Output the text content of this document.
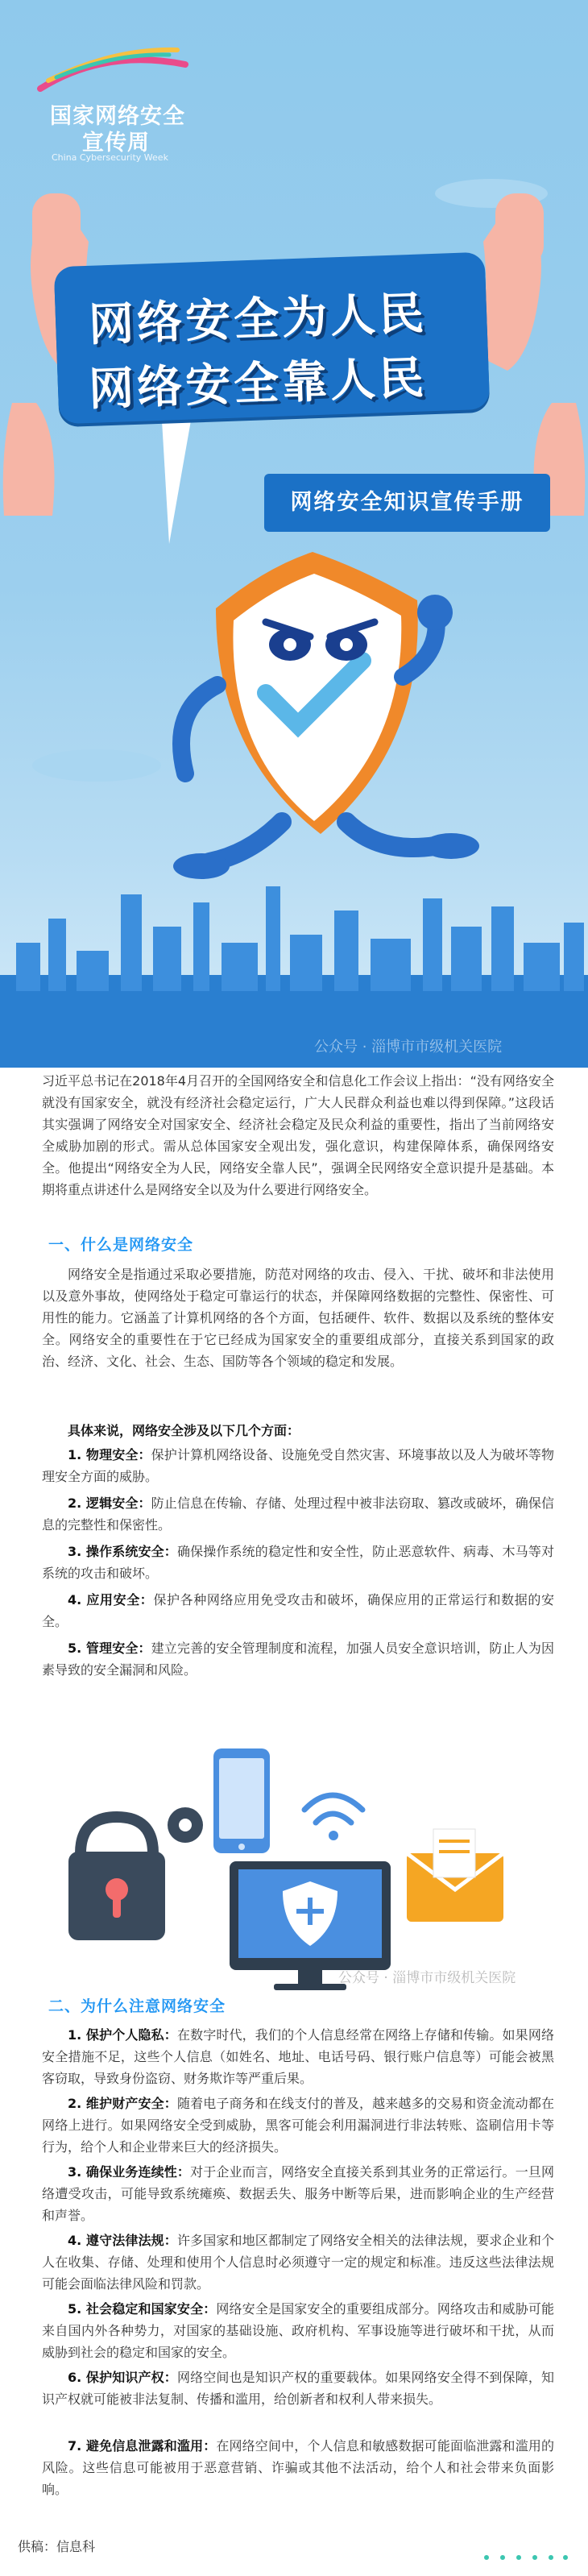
国家网络安全
宣传周
China Cybersecurity Week
网络安全为人民
网络安全靠人民
网络安全知识宣传手册
公众号 · 淄博市市级机关医院

习近平总书记在2018年4月召开的全国网络安全和信息化工作会议上指出：“没有网络安全就没有国家安全，就没有经济社会稳定运行，广大人民群众利益也难以得到保障。”这段话其实强调了网络安全对国家安全、经济社会稳定及民众利益的重要性，指出了当前网络安全威胁加剧的形式。需从总体国家安全观出发，强化意识，构建保障体系，确保网络安全。他提出“网络安全为人民，网络安全靠人民”，强调全民网络安全意识提升是基础。本期将重点讲述什么是网络安全以及为什么要进行网络安全。

一、什么是网络安全

网络安全是指通过采取必要措施，防范对网络的攻击、侵入、干扰、破坏和非法使用以及意外事故，使网络处于稳定可靠运行的状态，并保障网络数据的完整性、保密性、可用性的能力。它涵盖了计算机网络的各个方面，包括硬件、软件、数据以及系统的整体安全。网络安全的重要性在于它已经成为国家安全的重要组成部分，直接关系到国家的政治、经济、文化、社会、生态、国防等各个领域的稳定和发展。

具体来说，网络安全涉及以下几个方面：

1. 物理安全：保护计算机网络设备、设施免受自然灾害、环境事故以及人为破坏等物理安全方面的威胁。

2. 逻辑安全：防止信息在传输、存储、处理过程中被非法窃取、篡改或破坏，确保信息的完整性和保密性。

3. 操作系统安全：确保操作系统的稳定性和安全性，防止恶意软件、病毒、木马等对系统的攻击和破坏。

4. 应用安全：保护各种网络应用免受攻击和破坏，确保应用的正常运行和数据的安全。

5. 管理安全：建立完善的安全管理制度和流程，加强人员安全意识培训，防止人为因素导致的安全漏洞和风险。

公众号 · 淄博市市级机关医院
二、为什么注意网络安全

1. 保护个人隐私：在数字时代，我们的个人信息经常在网络上存储和传输。如果网络安全措施不足，这些个人信息（如姓名、地址、电话号码、银行账户信息等）可能会被黑客窃取，导致身份盗窃、财务欺诈等严重后果。

2. 维护财产安全：随着电子商务和在线支付的普及，越来越多的交易和资金流动都在网络上进行。如果网络安全受到威胁，黑客可能会利用漏洞进行非法转账、盗刷信用卡等行为，给个人和企业带来巨大的经济损失。

3. 确保业务连续性：对于企业而言，网络安全直接关系到其业务的正常运行。一旦网络遭受攻击，可能导致系统瘫痪、数据丢失、服务中断等后果，进而影响企业的生产经营和声誉。

4. 遵守法律法规：许多国家和地区都制定了网络安全相关的法律法规，要求企业和个人在收集、存储、处理和使用个人信息时必须遵守一定的规定和标准。违反这些法律法规可能会面临法律风险和罚款。

5. 社会稳定和国家安全：网络安全是国家安全的重要组成部分。网络攻击和威胁可能来自国内外各种势力，对国家的基础设施、政府机构、军事设施等进行破坏和干扰，从而威胁到社会的稳定和国家的安全。

6. 保护知识产权：网络空间也是知识产权的重要载体。如果网络安全得不到保障，知识产权就可能被非法复制、传播和滥用，给创新者和权利人带来损失。

7. 避免信息泄露和滥用：在网络空间中，个人信息和敏感数据可能面临泄露和滥用的风险。这些信息可能被用于恶意营销、诈骗或其他不法活动，给个人和社会带来负面影响。

供稿：信息科
